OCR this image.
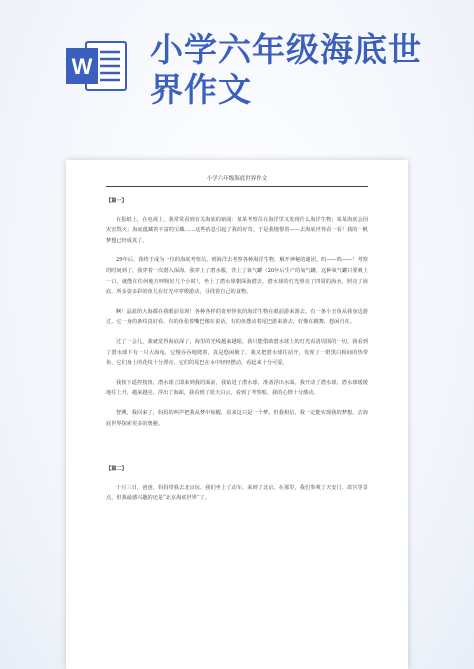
W 小学六年级海底世
界作文
小学六年级海底世界作文
【篇一】

在报纸上，在电视上，我常常看到有关海底的新闻：某某考察员在海洋里又发现什么海洋生物；某某海底会因灾害毁灭；海底蕴藏着丰富的宝藏……这些消息引起了我的好奇。于是我憧憬着——去海底世界看一看！我的一帆梦想已经成真了。

29年后，我终于成为一位的海底考察员，到海洋去考察各种海洋生物，解开神秘的谜团。呜——呜——！考察的时间到了，我穿着一次潜入深海。我穿上了潜水服，背上了氧气罐（20年后生产的氧气罐，这种氧气罐只要吸上一口，就能在任何地方呼吸好几个小时），坐上了潜水球朝深海潜去，潜水球的灯光照亮了四周的海水，照亮了海底，所多姿多彩的鱼儿在灯光中穿梭游动，寻找着自己的食物。

啊！晶蓝的大海都在我眼前显现！各种各样的奇形怪状的海洋生物在眼前游来游去。有一条小丑鱼从我身边游过，它一身的条纹真好看。有的鱼张着嘴巴像在说话，有的鱼摆动着尾巴游来游去，好像在跳舞，悠闲自在。

过了一会儿，我就觉得海底深了，海里的光线越来越暗，我只能借助潜水球上的灯光看清周围的一切。我看到了潜水球下有一只大海龟，它慢吞吞地爬着，真是悠闲极了。我又把潜水球往前开，发现了一群黑白相间的热带鱼，它们身上的花纹十分漂亮，它们的尾巴在水中轻轻摆动，看起来十分可爱。

我按下遥控按钮，潜水球立即来到我的面前，我钻进了潜水球，准备浮出水面。我开动了潜水球，潜水球缓缓地往上升，越来越亮。浮出了海面，我看到了蓝天白云，看到了考察船，我的心情十分激动。

智溯，我回来了，妈妈的叫声把我从梦中惊醒，原来这只是一个梦。但我相信，我一定能实现我的梦想，去海底世界探索更多的奥秘。

【篇二】

十月三日，爸爸、妈妈带我去北京玩。我们坐上了动车，来到了北京。在那里，我们参观了天安门、故宫等景点，但我最感兴趣的还是“北京海底世界”了。
